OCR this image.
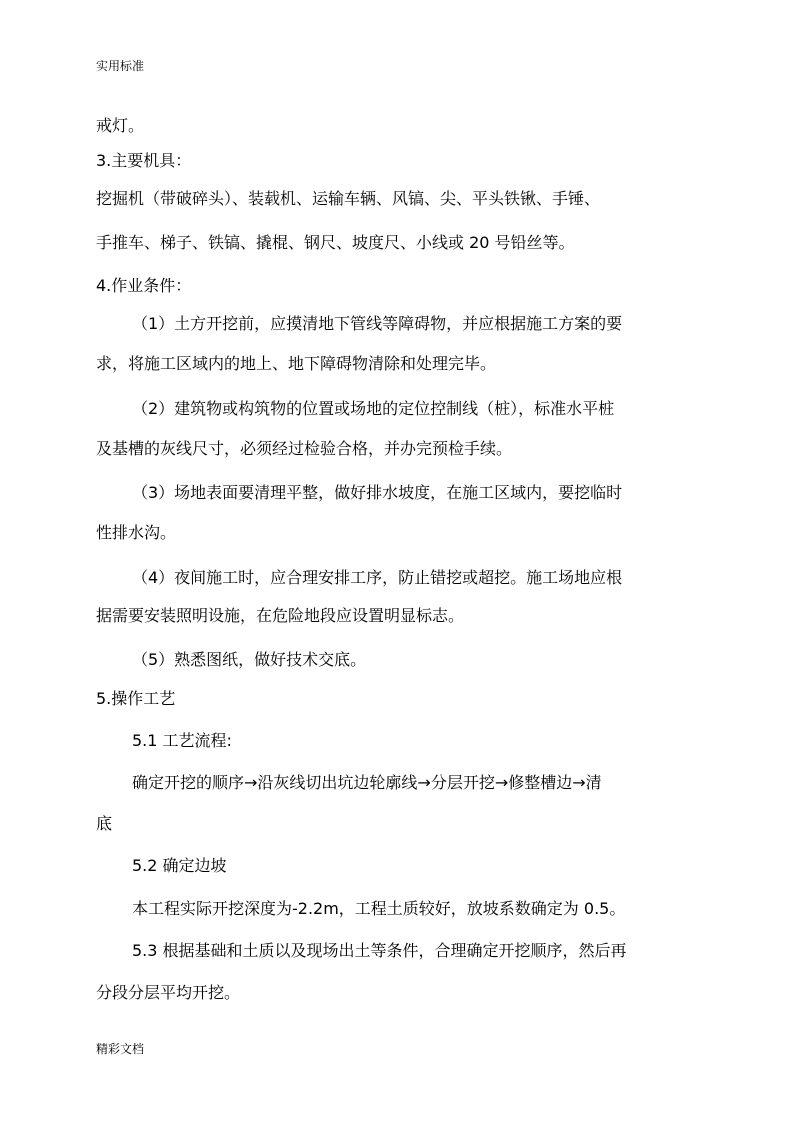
实用标准
戒灯。
3.主要机具：
挖掘机（带破碎头）、装载机、运输车辆、风镐、尖、平头铁锹、手锤、
手推车、梯子、铁镐、撬棍、钢尺、坡度尺、小线或 20 号铅丝等。
4.作业条件：
（1）土方开挖前，应摸清地下管线等障碍物，并应根据施工方案的要
求，将施工区域内的地上、地下障碍物清除和处理完毕。
（2）建筑物或构筑物的位置或场地的定位控制线（桩），标准水平桩
及基槽的灰线尺寸，必须经过检验合格，并办完预检手续。
（3）场地表面要清理平整，做好排水坡度，在施工区域内，要挖临时
性排水沟。
（4）夜间施工时，应合理安排工序，防止错挖或超挖。施工场地应根
据需要安装照明设施，在危险地段应设置明显标志。
（5）熟悉图纸，做好技术交底。
5.操作工艺
5.1 工艺流程:
确定开挖的顺序→沿灰线切出坑边轮廓线→分层开挖→修整槽边→清
底
5.2 确定边坡
本工程实际开挖深度为-2.2m，工程土质较好，放坡系数确定为 0.5。
5.3 根据基础和土质以及现场出土等条件，合理确定开挖顺序，然后再
分段分层平均开挖。
精彩文档
